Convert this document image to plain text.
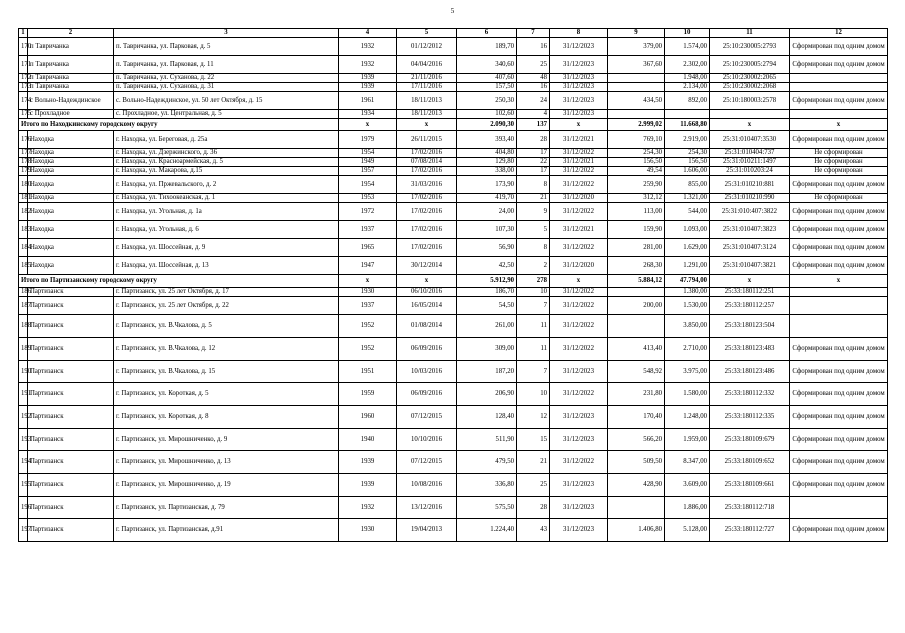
5
1	2	3	4	5	6	7	8	9	10	11	12
170	п Тавричанка	п. Тавричанка, ул. Парковая, д. 5	1932	01/12/2012	189,70	16	31/12/2023	379,00	1.574,00	25:10:230005:2793	Сформирован под одним домом
171	п Тавричанка	п. Тавричанка, ул. Парковая, д. 11	1932	04/04/2016	340,60	25	31/12/2023	367,60	2.302,00	25:10:230005:2794	Сформирован под одним домом
172	п Тавричанка	п. Тавричанка, ул. Суханова, д. 22	1939	21/11/2016	407,60	48	31/12/2023		1.948,00	25:10:230002:2065	
173	п Тавричанка	п. Тавричанка, ул. Суханова, д. 31	1939	17/11/2016	157,50	16	31/12/2023		2.134,00	25:10:230002:2068	
174	с Вольно-Надеждинское	с. Вольно-Надеждинское, ул. 50 лет Октября, д. 15	1961	18/11/2013	250,30	24	31/12/2023	434,50	892,00	25:10:180003:2578	Сформирован под одним домом
175	с Прохладное	с. Прохладное, ул. Центральная, д. 5	1934	18/11/2013	102,60	4	31/12/2023				
Итого по Находкинскому городскому округу			x	x	2.090,30	137	x	2.999,02	11.668,80	x	x
176	Находка	г. Находка, ул. Береговая, д. 25а	1979	26/11/2015	393,40	28	31/12/2021	769,10	2.919,00	25:31:010407:3530	Сформирован под одним домом
177	Находка	г. Находка, ул. Дзержинского, д. 36	1954	17/02/2016	404,80	17	31/12/2022	254,30	254,30	25:31:010404:737	Не сформирован
178	Находка	г. Находка, ул. Красноармейская, д. 5	1949	07/08/2014	129,80	22	31/12/2021	156,50	156,50	25:31:010211:1497	Не сформирован
179	Находка	г. Находка, ул. Макарова, д.15	1957	17/02/2016	338,00	17	31/12/2022	49,54	1.606,00	25:31:010203:24	Не сформирован
180	Находка	г. Находка, ул. Пржевальского, д. 2	1954	31/03/2016	173,90	8	31/12/2022	259,90	855,00	25:31:010210:881	Сформирован под одним домом
181	Находка	г. Находка, ул. Тихоокеанская, д. 1	1953	17/02/2016	419,70	21	31/12/2020	312,12	1.321,00	25:31:010210:990	Не сформирован
182	Находка	г. Находка, ул. Угольная, д. 1а	1972	17/02/2016	24,00	9	31/12/2022	113,00	544,00	25:31:010:407:3822	Сформирован под одним домом
183	Находка	г. Находка, ул. Угольная, д. 6	1937	17/02/2016	107,30	5	31/12/2021	159,90	1.093,00	25:31:010407:3823	Сформирован под одним домом
184	Находка	г. Находка, ул. Шоссейная, д. 9	1965	17/02/2016	56,90	8	31/12/2022	281,00	1.629,00	25:31:010407:3124	Сформирован под одним домом
185	Находка	г. Находка, ул. Шоссейная, д. 13	1947	30/12/2014	42,50	2	31/12/2020	268,30	1.291,00	25:31:010407:3821	Сформирован под одним домом
Итого по Партизанскому городскому округу			x	x	5.912,90	278	x	5.884,12	47.794,00	x	x
186	Партизанск	г. Партизанск, ул. 25 лет Октября, д. 17	1930	06/10/2016	186,70	10	31/12/2022		1.380,00	25:33:180112:251	
187	Партизанск	г. Партизанск, ул. 25 лет Октября, д. 22	1937	16/05/2014	54,50	7	31/12/2022	200,00	1.530,00	25:33:180112:257	
188	Партизанск	г. Партизанск, ул. В.Чкалова, д. 5	1952	01/08/2014	261,00	11	31/12/2022		3.850,00	25:33:180123:504	
189	Партизанск	г. Партизанск, ул. В.Чкалова, д. 12	1952	06/09/2016	309,00	11	31/12/2022	413,40	2.710,00	25:33:180123:483	Сформирован под одним домом
190	Партизанск	г. Партизанск, ул. В.Чкалова, д. 15	1951	10/03/2016	187,20	7	31/12/2023	548,92	3.975,00	25:33:180123:486	Сформирован под одним домом
191	Партизанск	г. Партизанск, ул. Короткая, д. 5	1959	06/09/2016	206,90	10	31/12/2022	231,80	1.580,00	25:33:180112:332	Сформирован под одним домом
192	Партизанск	г. Партизанск, ул. Короткая, д. 8	1960	07/12/2015	128,40	12	31/12/2023	170,40	1.248,00	25:33:180112:335	Сформирован под одним домом
193	Партизанск	г. Партизанск, ул. Мирошниченко, д. 9	1940	10/10/2016	511,90	15	31/12/2023	566,20	1.959,00	25:33:180109:679	Сформирован под одним домом
194	Партизанск	г. Партизанск, ул. Мирошниченко, д. 13	1939	07/12/2015	479,50	21	31/12/2022	509,50	8.347,00	25:33:180109:652	Сформирован под одним домом
195	Партизанск	г. Партизанск, ул. Мирошниченко, д. 19	1939	10/08/2016	336,80	25	31/12/2023	428,90	3.609,00	25:33:180109:661	Сформирован под одним домом
196	Партизанск	г. Партизанск, ул. Партизанская, д. 79	1932	13/12/2016	575,50	28	31/12/2023		1.886,00	25:33:180112:718	
197	Партизанск	г. Партизанск, ул. Партизанская, д.91	1930	19/04/2013	1.224,40	43	31/12/2023	1.406,80	5.128,00	25:33:180112:727	Сформирован под одним домом
